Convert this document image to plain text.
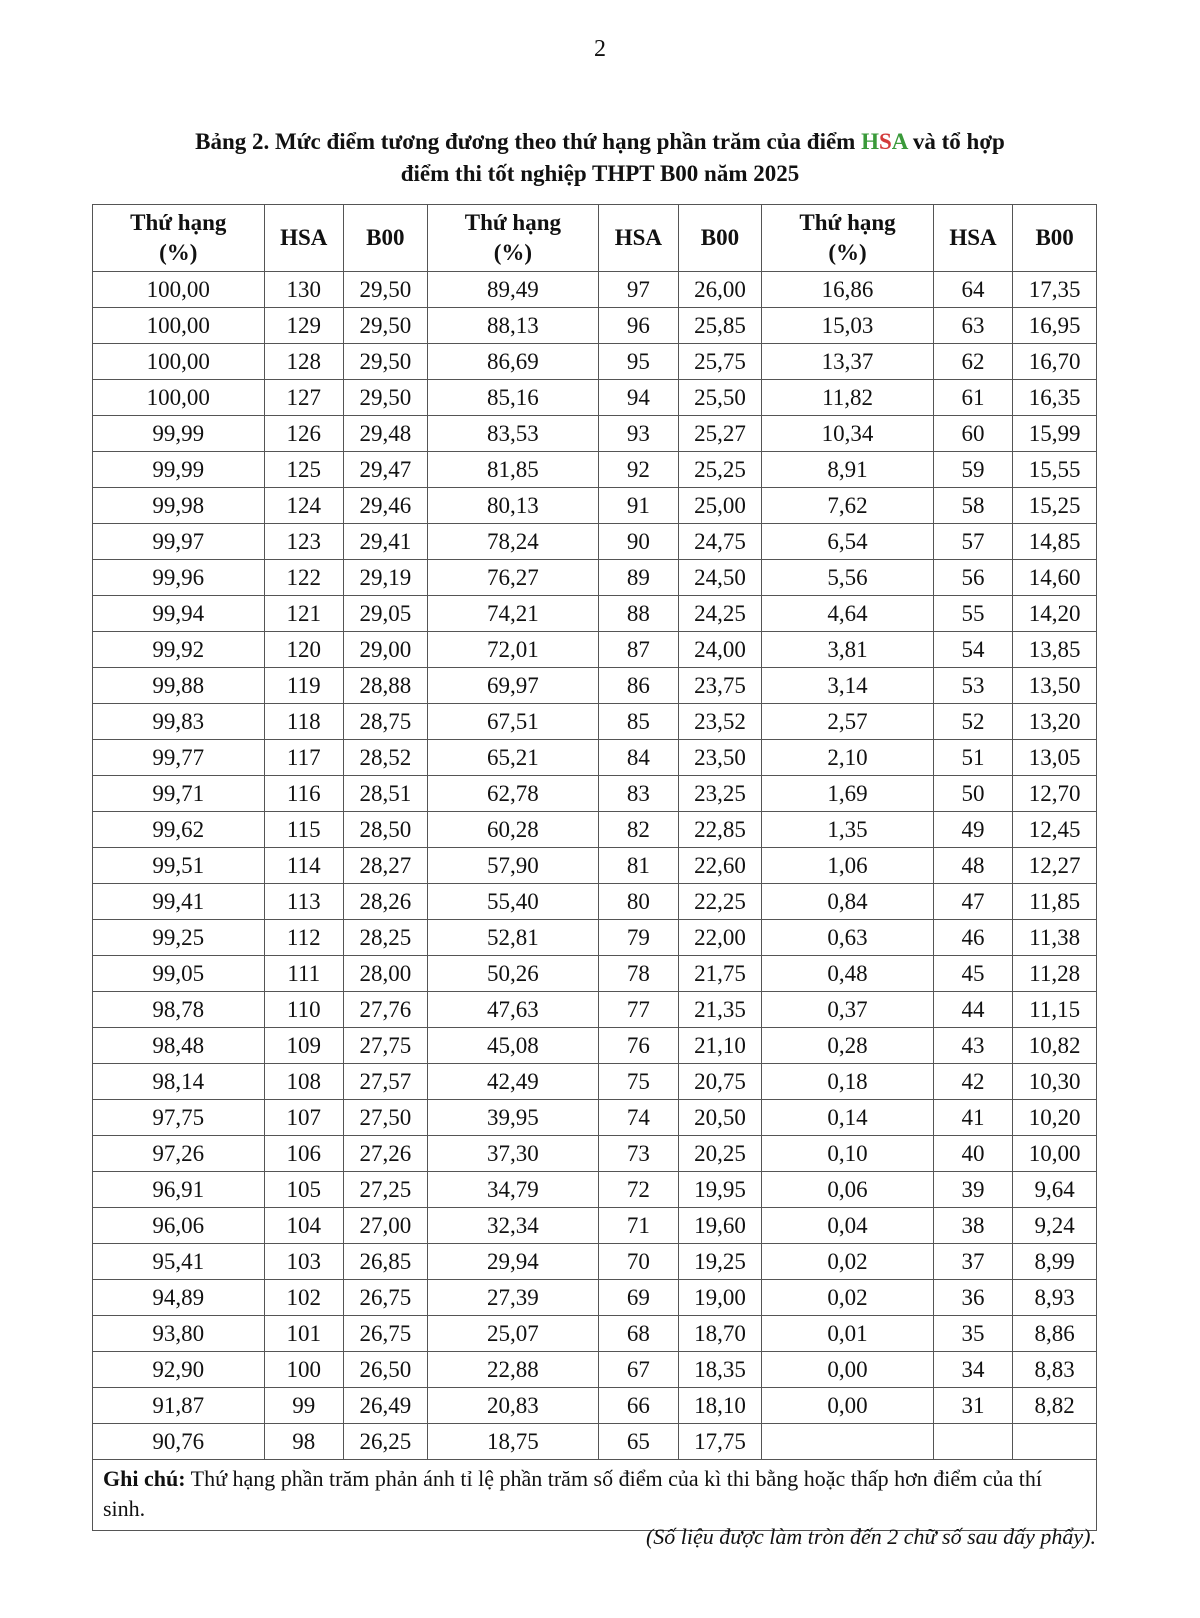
2
Bảng 2. Mức điểm tương đương theo thứ hạng phần trăm của điểm HSA và tổ hợp
điểm thi tốt nghiệp THPT B00 năm 2025
Thứ hạng
(%)	HSA	B00	Thứ hạng
(%)	HSA	B00	Thứ hạng
(%)	HSA	B00
100,00	130	29,50	89,49	97	26,00	16,86	64	17,35
100,00	129	29,50	88,13	96	25,85	15,03	63	16,95
100,00	128	29,50	86,69	95	25,75	13,37	62	16,70
100,00	127	29,50	85,16	94	25,50	11,82	61	16,35
99,99	126	29,48	83,53	93	25,27	10,34	60	15,99
99,99	125	29,47	81,85	92	25,25	8,91	59	15,55
99,98	124	29,46	80,13	91	25,00	7,62	58	15,25
99,97	123	29,41	78,24	90	24,75	6,54	57	14,85
99,96	122	29,19	76,27	89	24,50	5,56	56	14,60
99,94	121	29,05	74,21	88	24,25	4,64	55	14,20
99,92	120	29,00	72,01	87	24,00	3,81	54	13,85
99,88	119	28,88	69,97	86	23,75	3,14	53	13,50
99,83	118	28,75	67,51	85	23,52	2,57	52	13,20
99,77	117	28,52	65,21	84	23,50	2,10	51	13,05
99,71	116	28,51	62,78	83	23,25	1,69	50	12,70
99,62	115	28,50	60,28	82	22,85	1,35	49	12,45
99,51	114	28,27	57,90	81	22,60	1,06	48	12,27
99,41	113	28,26	55,40	80	22,25	0,84	47	11,85
99,25	112	28,25	52,81	79	22,00	0,63	46	11,38
99,05	111	28,00	50,26	78	21,75	0,48	45	11,28
98,78	110	27,76	47,63	77	21,35	0,37	44	11,15
98,48	109	27,75	45,08	76	21,10	0,28	43	10,82
98,14	108	27,57	42,49	75	20,75	0,18	42	10,30
97,75	107	27,50	39,95	74	20,50	0,14	41	10,20
97,26	106	27,26	37,30	73	20,25	0,10	40	10,00
96,91	105	27,25	34,79	72	19,95	0,06	39	9,64
96,06	104	27,00	32,34	71	19,60	0,04	38	9,24
95,41	103	26,85	29,94	70	19,25	0,02	37	8,99
94,89	102	26,75	27,39	69	19,00	0,02	36	8,93
93,80	101	26,75	25,07	68	18,70	0,01	35	8,86
92,90	100	26,50	22,88	67	18,35	0,00	34	8,83
91,87	99	26,49	20,83	66	18,10	0,00	31	8,82
90,76	98	26,25	18,75	65	17,75			
Ghi chú: Thứ hạng phần trăm phản ánh tỉ lệ phần trăm số điểm của kì thi bằng hoặc thấp hơn điểm của thí sinh.								
(Số liệu được làm tròn đến 2 chữ số sau dấy phẩy).
